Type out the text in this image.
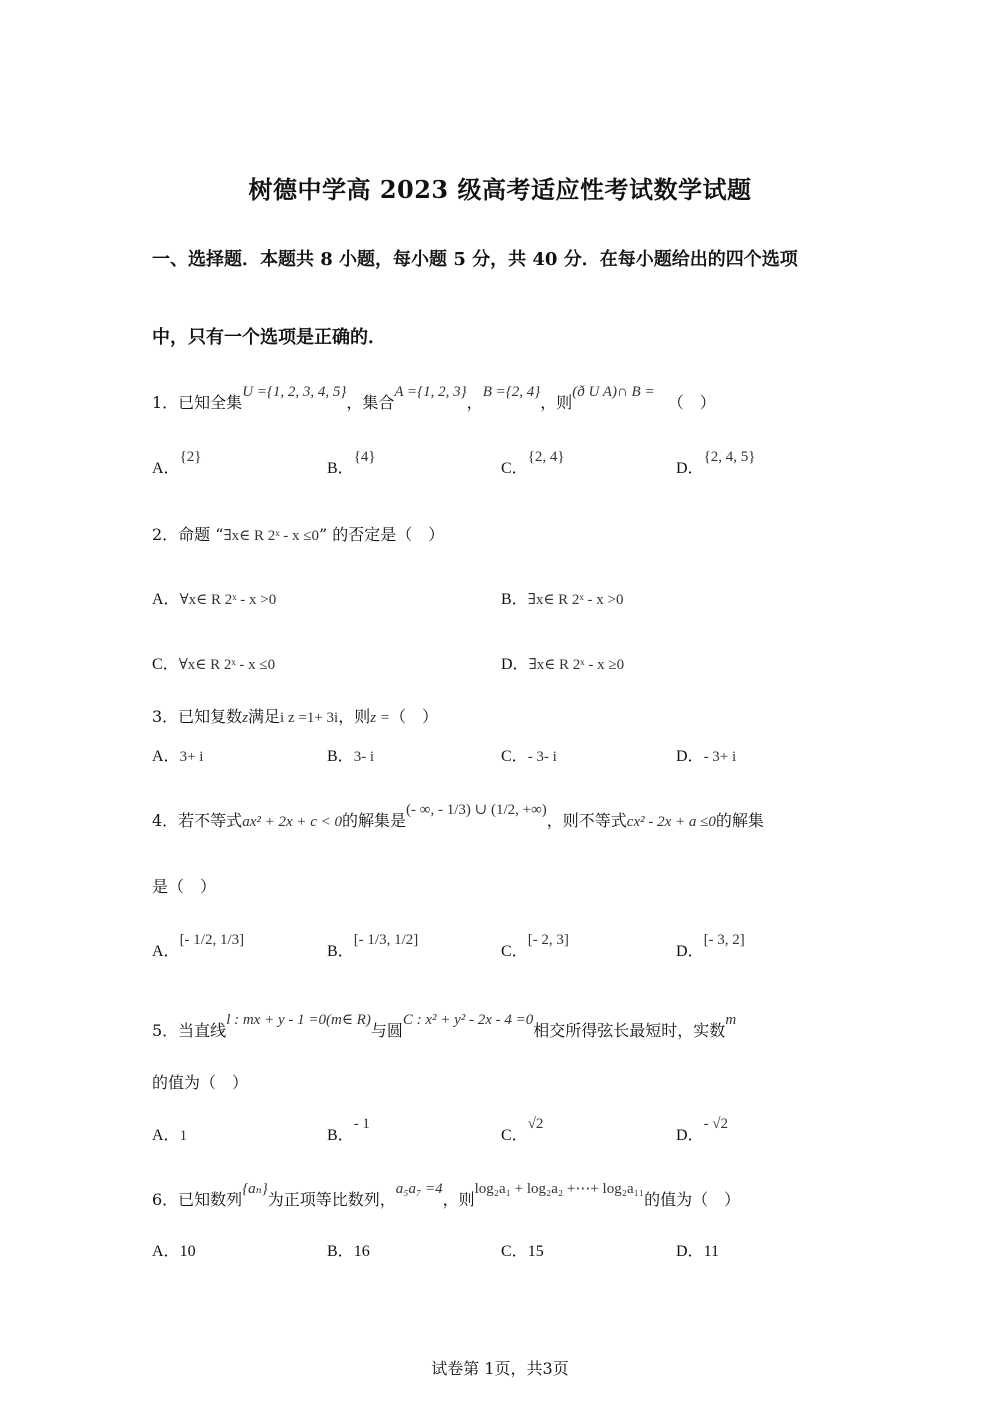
树德中学高 2023 级高考适应性考试数学试题
一、选择题．本题共 8 小题，每小题 5 分，共 40 分．在每小题给出的四个选项
中，只有一个选项是正确的．
1．已知全集U ={1, 2, 3, 4, 5}，集合A ={1, 2, 3}，B ={2, 4}，则(ð U A)∩ B = （　）
A．{2}
B．{4}
C．{2, 4}
D．{2, 4, 5}
2．命题 “∃x∈ R 2ˣ - x ≤0” 的否定是（　）
A．∀x∈ R 2ˣ - x >0	B．∃x∈ R 2ˣ - x >0
C．∀x∈ R 2ˣ - x ≤0	D．∃x∈ R 2ˣ - x ≥0
3．已知复数z满足i z =1+ 3i，则z =（　）
A．3+ i	B．3- i	C．- 3- i	D．- 3+ i
4．若不等式ax² + 2x + c < 0的解集是(- ∞, - 1/3) ∪ (1/2, +∞)，则不等式cx² - 2x + a ≤0的解集
是（　）
A．[- 1/2, 1/3]
B．[- 1/3, 1/2]
C．[- 2, 3]
D．[- 3, 2]
5．当直线l : mx + y - 1 =0(m∈ R)与圆C : x² + y² - 2x - 4 =0相交所得弦长最短时，实数m
的值为（　）
A．1	B．- 1
C．√2
D．- √2
6．已知数列{aₙ}为正项等比数列，a₅a₇ =4，则log₂a₁ + log₂a₂ +⋯+ log₂a₁₁的值为（　）
A．10	B．16	C．15	D．11
试卷第 1页，共3页
